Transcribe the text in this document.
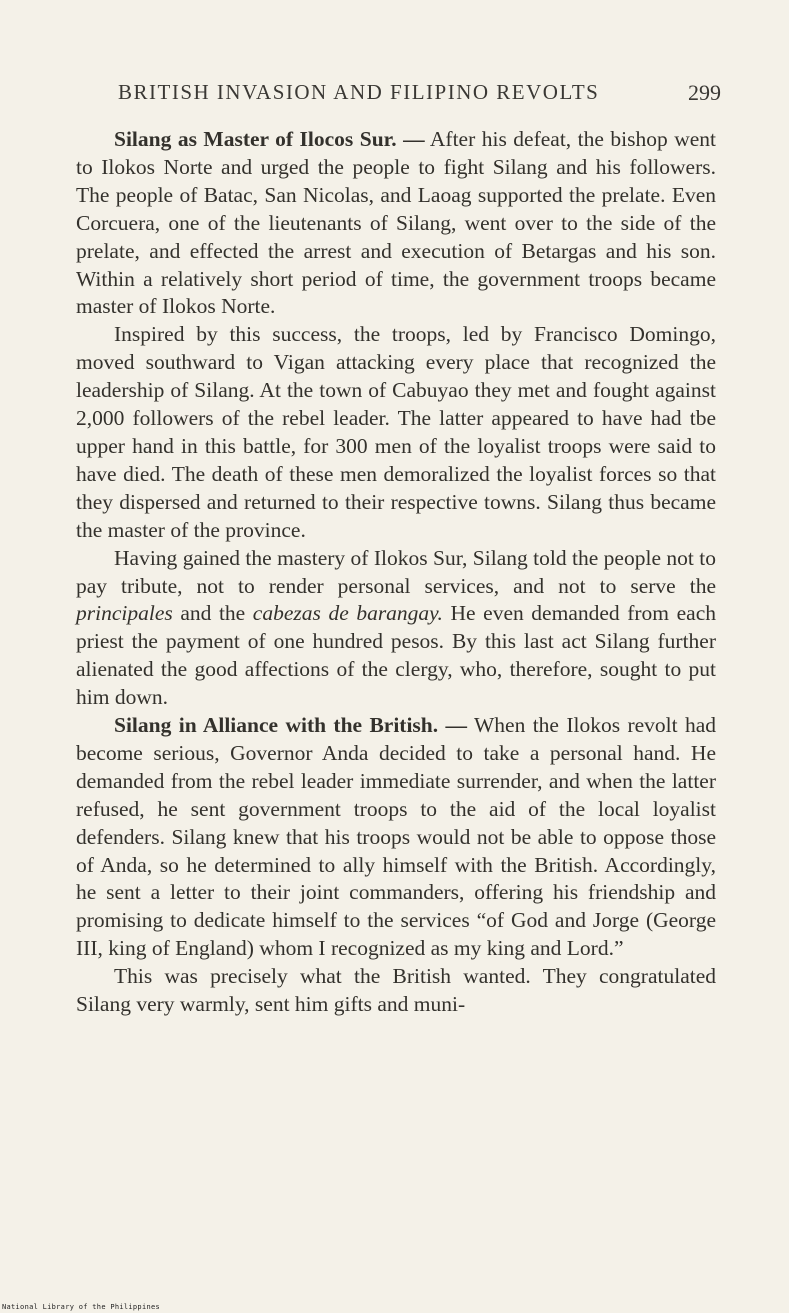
BRITISH INVASION AND FILIPINO REVOLTS	299

Silang as Master of Ilocos Sur. — After his defeat, the bishop went to Ilokos Norte and urged the people to fight Silang and his followers. The people of Batac, San Nicolas, and Laoag supported the prelate. Even Corcuera, one of the lieutenants of Silang, went over to the side of the prelate, and effected the arrest and execution of Betargas and his son. Within a relatively short period of time, the government troops became master of Ilokos Norte.

Inspired by this success, the troops, led by Francisco Domingo, moved southward to Vigan attacking every place that recognized the leadership of Silang. At the town of Cabuyao they met and fought against 2,000 followers of the rebel leader. The latter appeared to have had tbe upper hand in this battle, for 300 men of the loyalist troops were said to have died. The death of these men demoralized the loyalist forces so that they dispersed and returned to their respective towns. Silang thus became the master of the province.

Having gained the mastery of Ilokos Sur, Silang told the people not to pay tribute, not to render personal services, and not to serve the principales and the cabezas de barangay. He even demanded from each priest the payment of one hundred pesos. By this last act Silang further alienated the good affections of the clergy, who, therefore, sought to put him down.

Silang in Alliance with the British. — When the Ilokos revolt had become serious, Governor Anda decided to take a personal hand. He demanded from the rebel leader immediate surrender, and when the latter refused, he sent government troops to the aid of the local loyalist defenders. Silang knew that his troops would not be able to oppose those of Anda, so he determined to ally himself with the British. Accordingly, he sent a letter to their joint commanders, offering his friendship and promising to dedicate himself to the services “of God and Jorge (George III, king of England) whom I recognized as my king and Lord.”

This was precisely what the British wanted. They congratulated Silang very warmly, sent him gifts and muni-

National Library of the Philippines
